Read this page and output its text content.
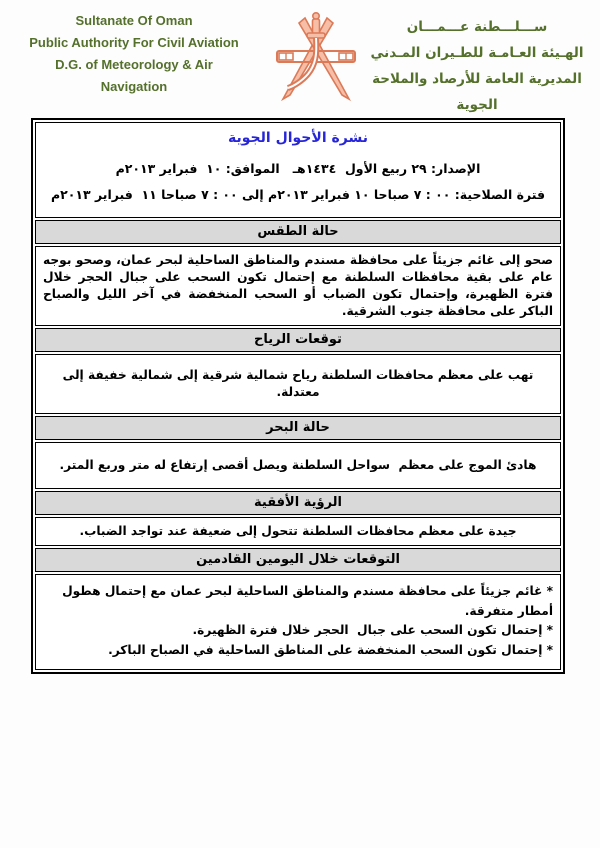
Sultanate Of Oman
Public Authority For Civil Aviation
D.G. of Meteorology & Air
Navigation
ســـلـــطنة عـــمـــان
الهـيئة العـامـة للطـيران المـدني
المديرية العامة للأرصاد والملاحة الجوية
نشرة الأحوال الجوية
الإصدار: ٢٩ ربيع الأول  ١٤٣٤هـ   الموافق: ١٠  فبراير ٢٠١٣م
فترة الصلاحية: ٠٠ : ٧ صباحا ١٠ فبراير ٢٠١٣م إلى ٠٠ : ٧ صباحا ١١  فبراير ٢٠١٣م
حالة الطقس
صحو إلى غائم جزيئاً على محافظة مسندم والمناطق الساحلية لبحر عمان، وصحو بوجه عام على بقية محافظات السلطنة مع إحتمال تكون السحب على جبال الحجر خلال فترة الظهيرة، وإحتمال تكون الضباب أو السحب المنخفضة في آخر الليل والصباح الباكر على محافظة جنوب الشرقية.
توقعات الرياح
تهب على معظم محافظات السلطنة رياح شمالية شرقية إلى شمالية خفيفة إلى معتدلة.
حالة البحر
هادئ الموج على معظم  سواحل السلطنة ويصل أقصى إرتفاع له متر وربع المتر.
الرؤية الأفقية
جيدة على معظم محافظات السلطنة تتحول إلى ضعيفة عند تواجد الضباب.
التوقعات خلال اليومين القادمين
* غائم جزيئاً على محافظة مسندم والمناطق الساحلية لبحر عمان مع إحتمال هطول أمطار متفرقة.
* إحتمال تكون السحب على جبال  الحجر خلال فترة الظهيرة.
* إحتمال تكون السحب المنخفضة على المناطق الساحلية في الصباح الباكر.
